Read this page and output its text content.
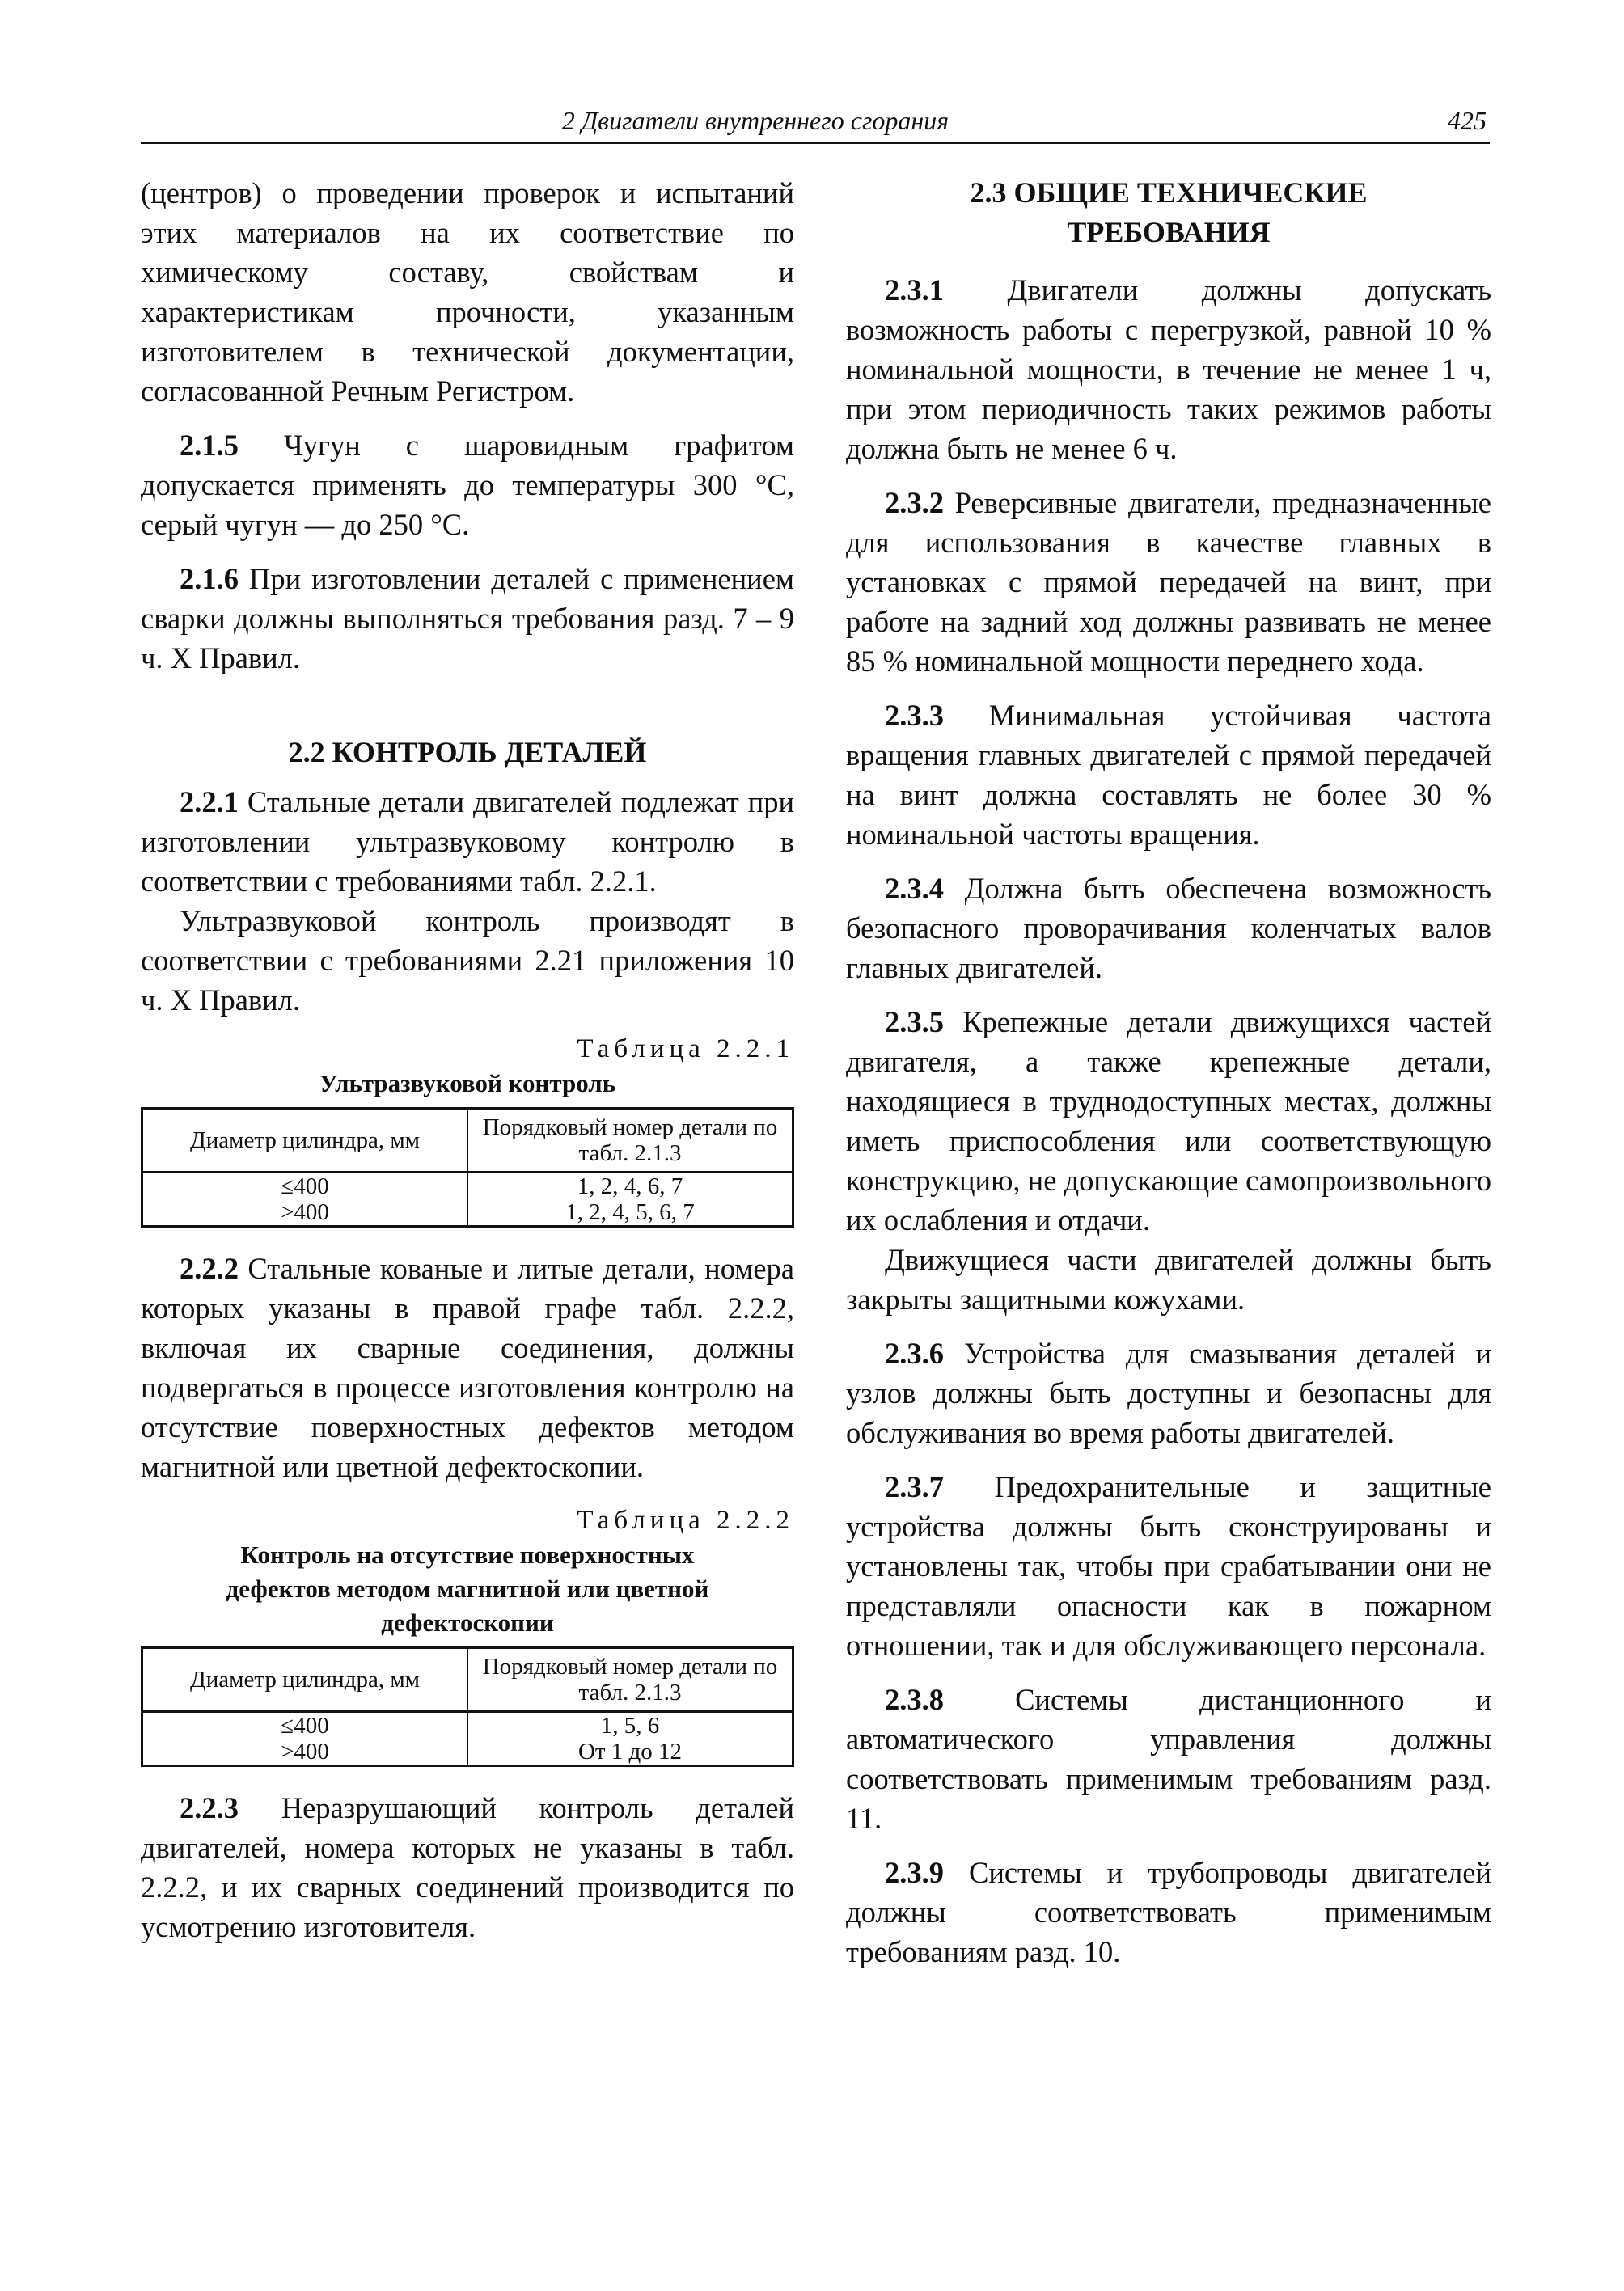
2 Двигатели внутреннего сгорания	425

(центров) о проведении проверок и испытаний этих материалов на их соответствие по химическому составу, свойствам и характеристикам прочности, указанным изготовителем в технической документации, согласованной Речным Регистром.

2.1.5 Чугун с шаровидным графитом допускается применять до температуры 300 °С, серый чугун — до 250 °С.

2.1.6 При изготовлении деталей с применением сварки должны выполняться требования разд. 7 – 9 ч. X Правил.

2.2 КОНТРОЛЬ ДЕТАЛЕЙ

2.2.1 Стальные детали двигателей подлежат при изготовлении ультразвуковому контролю в соответствии с требованиями табл. 2.2.1.

Ультразвуковой контроль производят в соответствии с требованиями 2.21 приложения 10 ч. X Правил.

Таблица 2.2.1
Ультразвуковой контроль
Диаметр цилиндра, мм	Порядковый номер детали по табл. 2.1.3
≤400	1, 2, 4, 6, 7
>400	1, 2, 4, 5, 6, 7

2.2.2 Стальные кованые и литые детали, номера которых указаны в правой графе табл. 2.2.2, включая их сварные соединения, должны подвергаться в процессе изготовления контролю на отсутствие поверхностных дефектов методом магнитной или цветной дефектоскопии.

Таблица 2.2.2
Контроль на отсутствие поверхностных дефектов методом магнитной или цветной дефектоскопии
Диаметр цилиндра, мм	Порядковый номер детали по табл. 2.1.3
≤400	1, 5, 6
>400	От 1 до 12

2.2.3 Неразрушающий контроль деталей двигателей, номера которых не указаны в табл. 2.2.2, и их сварных соединений производится по усмотрению изготовителя.

2.3 ОБЩИЕ ТЕХНИЧЕСКИЕ ТРЕБОВАНИЯ

2.3.1 Двигатели должны допускать возможность работы с перегрузкой, равной 10 % номинальной мощности, в течение не менее 1 ч, при этом периодичность таких режимов работы должна быть не менее 6 ч.

2.3.2 Реверсивные двигатели, предназначенные для использования в качестве главных в установках с прямой передачей на винт, при работе на задний ход должны развивать не менее 85 % номинальной мощности переднего хода.

2.3.3 Минимальная устойчивая частота вращения главных двигателей с прямой передачей на винт должна составлять не более 30 % номинальной частоты вращения.

2.3.4 Должна быть обеспечена возможность безопасного проворачивания коленчатых валов главных двигателей.

2.3.5 Крепежные детали движущихся частей двигателя, а также крепежные детали, находящиеся в труднодоступных местах, должны иметь приспособления или соответствующую конструкцию, не допускающие самопроизвольного их ослабления и отдачи.

Движущиеся части двигателей должны быть закрыты защитными кожухами.

2.3.6 Устройства для смазывания деталей и узлов должны быть доступны и безопасны для обслуживания во время работы двигателей.

2.3.7 Предохранительные и защитные устройства должны быть сконструированы и установлены так, чтобы при срабатывании они не представляли опасности как в пожарном отношении, так и для обслуживающего персонала.

2.3.8 Системы дистанционного и автоматического управления должны соответствовать применимым требованиям разд. 11.

2.3.9 Системы и трубопроводы двигателей должны соответствовать применимым требованиям разд. 10.
